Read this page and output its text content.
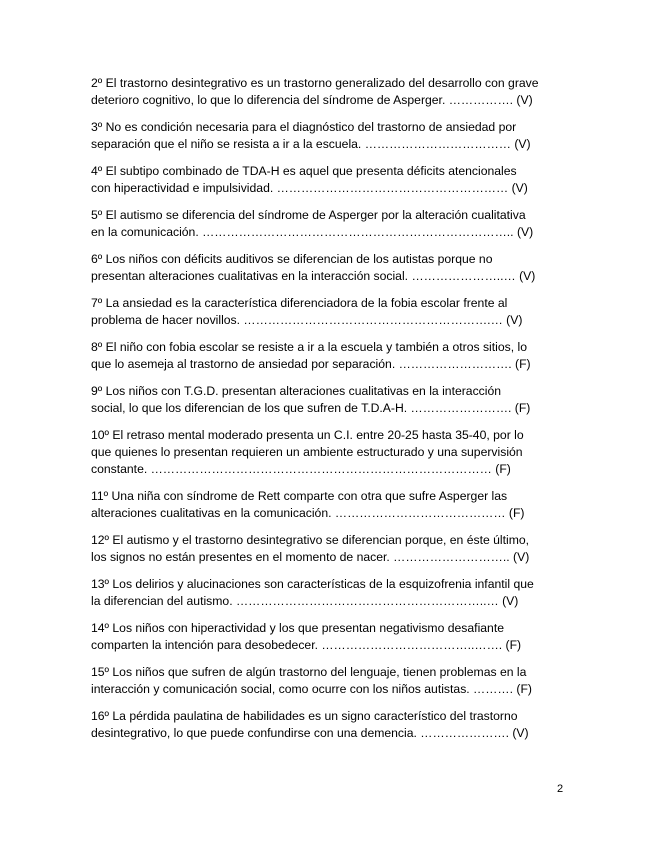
2º El trastorno desintegrativo es un trastorno generalizado del desarrollo con grave
deterioro cognitivo, lo que lo diferencia del síndrome de Asperger. ……………. (V)
3º No es condición necesaria para el diagnóstico del trastorno de ansiedad por
separación que el niño se resista a ir a la escuela. ……………………………… (V)
4º El subtipo combinado de TDA-H es aquel que presenta déficits atencionales
con hiperactividad e impulsividad. ………………………………………………… (V)
5º El autismo se diferencia del síndrome de Asperger por la alteración cualitativa
en la comunicación. ………………………………………………………………….. (V)
6º Los niños con déficits auditivos se diferencian de los autistas porque no
presentan alteraciones cualitativas en la interacción social. …………………..… (V)
7º La ansiedad es la característica diferenciadora de la fobia escolar frente al
problema de hacer novillos. …………………………………………………….… (V)
8º El niño con fobia escolar se resiste a ir a la escuela y también a otros sitios, lo
que lo asemeja al trastorno de ansiedad por separación. ………………………. (F)
9º Los niños con T.G.D. presentan alteraciones cualitativas en la interacción
social, lo que los diferencian de los que sufren de T.D.A-H. ……………………. (F)
10º El retraso mental moderado presenta un C.I. entre 20-25 hasta 35-40, por lo
que quienes lo presentan requieren un ambiente estructurado y una supervisión
constante. ………………………………………………………………………… (F)
11º Una niña con síndrome de Rett comparte con otra que sufre Asperger las
alteraciones cualitativas en la comunicación. …………………………………… (F)
12º El autismo y el trastorno desintegrativo se diferencian porque, en éste último,
los signos no están presentes en el momento de nacer. ……………………….. (V)
13º Los delirios y alucinaciones son características de la esquizofrenia infantil que
la diferencian del autismo. ……………………………………………………..… (V)
14º Los niños con hiperactividad y los que presentan negativismo desafiante
comparten la intención para desobedecer. ………………………………..……. (F)
15º Los niños que sufren de algún trastorno del lenguaje, tienen problemas en la
interacción y comunicación social, como ocurre con los niños autistas. ………. (F)
16º La pérdida paulatina de habilidades es un signo característico del trastorno
desintegrativo, lo que puede confundirse con una demencia. …………………. (V)
2
